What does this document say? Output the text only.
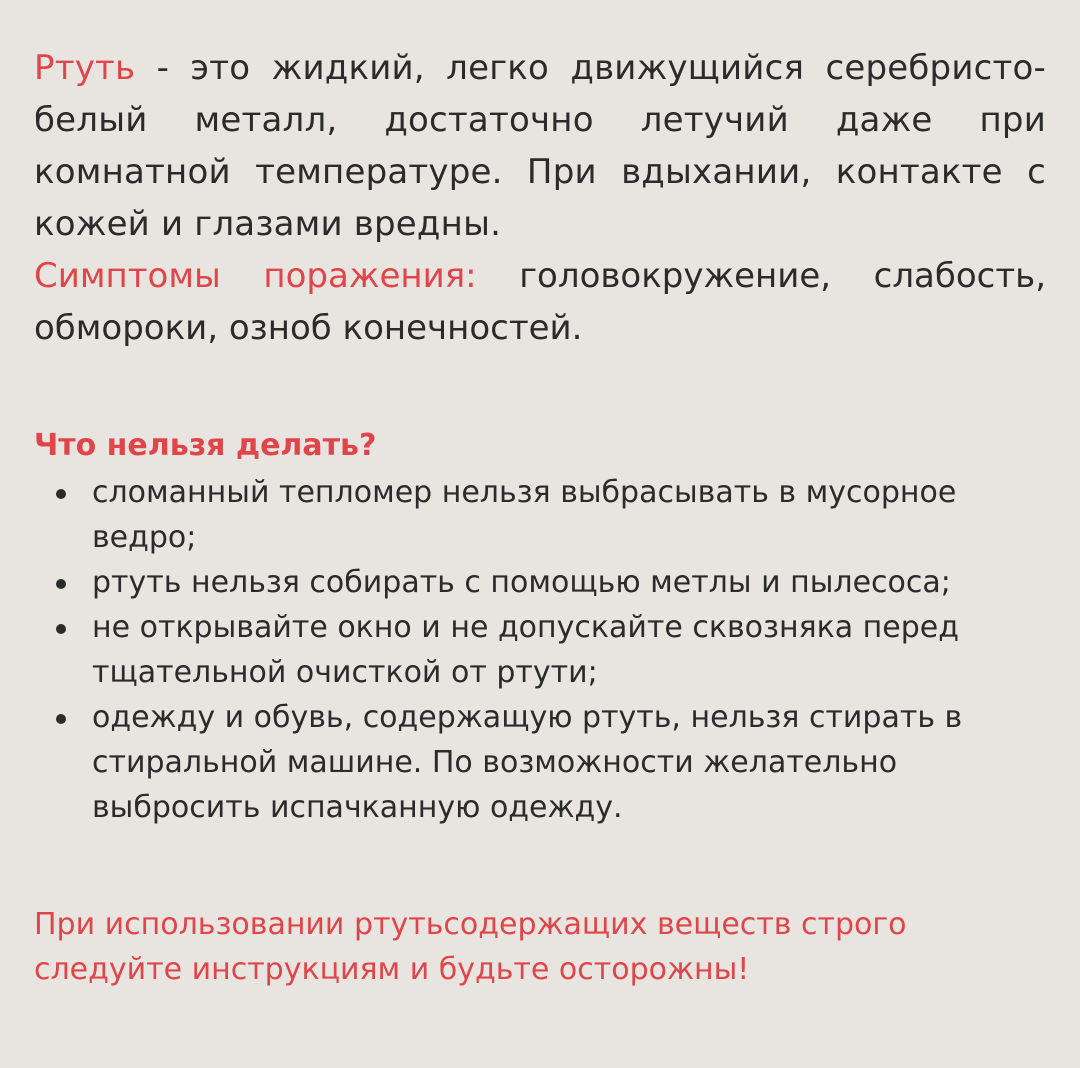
Ртуть - это жидкий, легко движущийся серебристо-белый металл, достаточно летучий даже при комнатной температуре. При вдыхании, контакте с кожей и глазами вредны.

Симптомы поражения: головокружение, слабость, обмороки, озноб конечностей.

Что нельзя делать?
сломанный тепломер нельзя выбрасывать в мусорное ведро;
ртуть нельзя собирать с помощью метлы и пылесоса;
не открывайте окно и не допускайте сквозняка перед тщательной очисткой от ртути;
одежду и обувь, содержащую ртуть, нельзя стирать в стиральной машине. По возможности желательно выбросить испачканную одежду.

При использовании ртутьсодержащих веществ строго следуйте инструкциям и будьте осторожны!
